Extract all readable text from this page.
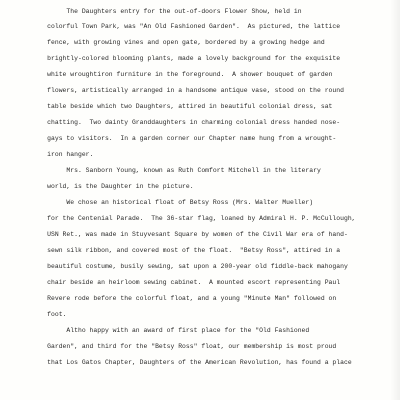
The Daughters entry for the out-of-doors Flower Show, held in

colorful Town Park, was "An Old Fashioned Garden".  As pictured, the lattice

fence, with growing vines and open gate, bordered by a growing hedge and

brightly-colored blooming plants, made a lovely background for the exquisite

white wroughtiron furniture in the foreground.  A shower bouquet of garden

flowers, artistically arranged in a handsome antique vase, stood on the round

table beside which two Daughters, attired in beautiful colonial dress, sat

chatting.  Two dainty Granddaughters in charming colonial dress handed nose-

gays to visitors.  In a garden corner our Chapter name hung from a wrought-

iron hanger.

Mrs. Sanborn Young, known as Ruth Comfort Mitchell in the literary

world, is the Daughter in the picture.

We chose an historical float of Betsy Ross (Mrs. Walter Mueller)

for the Centenial Parade.  The 36-star flag, loaned by Admiral H. P. McCullough,

USN Ret., was made in Stuyvesant Square by women of the Civil War era of hand-

sewn silk ribbon, and covered most of the float.  "Betsy Ross", attired in a

beautiful costume, busily sewing, sat upon a 200-year old fiddle-back mahogany

chair beside an heirloom sewing cabinet.  A mounted escort representing Paul

Revere rode before the colorful float, and a young "Minute Man" followed on

foot.

Altho happy with an award of first place for the "Old Fashioned

Garden", and third for the "Betsy Ross" float, our membership is most proud

that Los Gatos Chapter, Daughters of the American Revolution, has found a place
